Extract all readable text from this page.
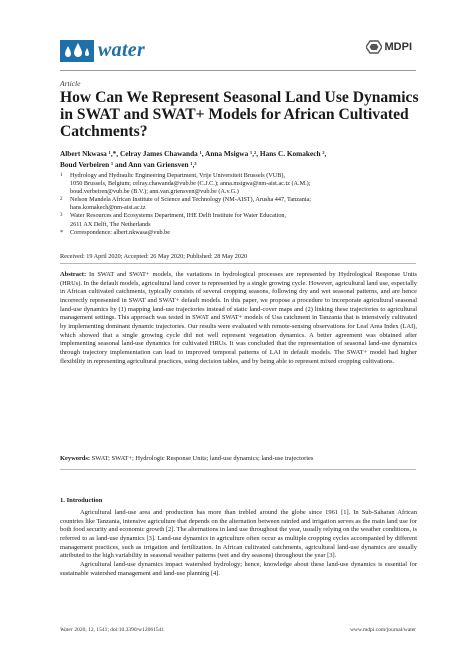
water	MDPI
Article
How Can We Represent Seasonal Land Use Dynamics in SWAT and SWAT+ Models for African Cultivated Catchments?
Albert Nkwasa ¹,*, Celray James Chawanda ¹, Anna Msigwa ¹,², Hans C. Komakech ²,
Boud Verbeiren ¹ and Ann van Griensven ¹,³
1	Hydrology and Hydraulic Engineering Department, Vrije Universiteit Brussels (VUB),
1050 Brussels, Belgium; celray.chawanda@vub.be (C.J.C.); anna.msigwa@nm-aist.ac.tz (A.M.);
boud.verbeiren@vub.be (B.V.); ann.van.griensven@vub.be (A.v.G.)
2	Nelson Mandela African Institute of Science and Technology (NM-AIST), Arusha 447, Tanzania;
hans.komakech@nm-aist.ac.tz
3	Water Resources and Ecosystems Department, IHE Delft Institute for Water Education,
2611 AX Delft, The Netherlands
*	Correspondence: albert.nkwasa@vub.be
Received: 19 April 2020; Accepted: 26 May 2020; Published: 28 May 2020

Abstract: In SWAT and SWAT+ models, the variations in hydrological processes are represented by Hydrological Response Units (HRUs). In the default models, agricultural land cover is represented by a single growing cycle. However, agricultural land use, especially in African cultivated catchments, typically consists of several cropping seasons, following dry and wet seasonal patterns, and are hence incorrectly represented in SWAT and SWAT+ default models. In this paper, we propose a procedure to incorporate agricultural seasonal land-use dynamics by (1) mapping land-use trajectories instead of static land-cover maps and (2) linking these trajectories to agricultural management settings. This approach was tested in SWAT and SWAT+ models of Usa catchment in Tanzania that is intensively cultivated by implementing dominant dynamic trajectories. Our results were evaluated with remote-sensing observations for Leaf Area Index (LAI), which showed that a single growing cycle did not well represent vegetation dynamics. A better agreement was obtained after implementing seasonal land-use dynamics for cultivated HRUs. It was concluded that the representation of seasonal land-use dynamics through trajectory implementation can lead to improved temporal patterns of LAI in default models. The SWAT+ model had higher flexibility in representing agricultural practices, using decision tables, and by being able to represent mixed cropping cultivations.

Keywords: SWAT; SWAT+; Hydrologic Response Units; land-use dynamics; land-use trajectories
1. Introduction

Agricultural land-use area and production has more than trebled around the globe since 1961 [1]. In Sub-Saharan African countries like Tanzania, intensive agriculture that depends on the alternation between rainfed and irrigation serves as the main land use for both food security and economic growth [2]. The alternations in land use throughout the year, usually relying on the weather conditions, is referred to as land-use dynamics [3]. Land-use dynamics in agriculture often occur as multiple cropping cycles accompanied by different management practices, such as irrigation and fertilization. In African cultivated catchments, agricultural land-use dynamics are usually attributed to the high variability in seasonal weather patterns (wet and dry seasons) throughout the year [3].

Agricultural land-use dynamics impact watershed hydrology; hence, knowledge about these land-use dynamics is essential for sustainable watershed management and land-use planning [4].

Water 2020, 12, 1541; doi:10.3390/w12061541	www.mdpi.com/journal/water
